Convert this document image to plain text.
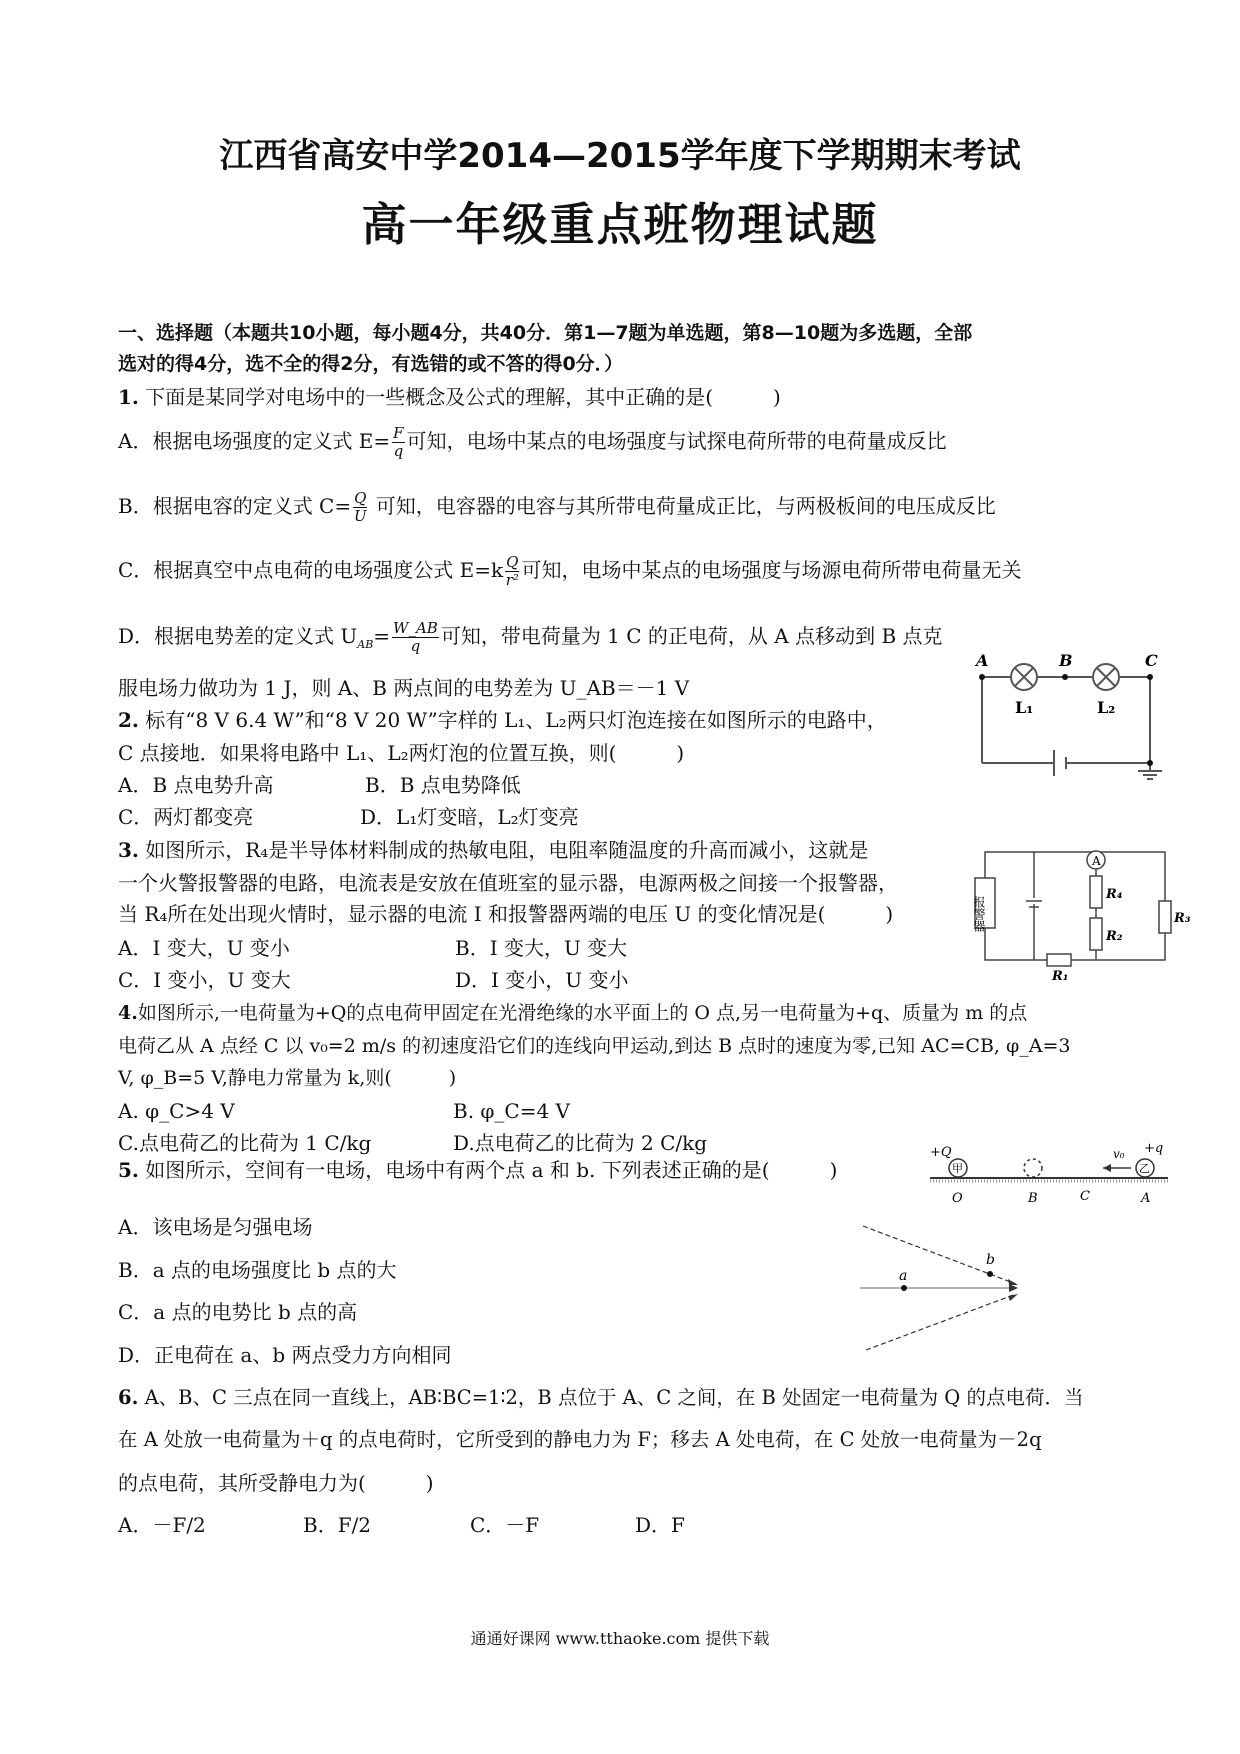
江西省高安中学2014—2015学年度下学期期末考试
高一年级重点班物理试题
一、选择题（本题共10小题，每小题4分，共40分．第1—7题为单选题，第8—10题为多选题，全部
选对的得4分，选不全的得2分，有选错的或不答的得0分．）
1. 下面是某同学对电场中的一些概念及公式的理解，其中正确的是(　　　)
A．根据电场强度的定义式 $E= \frac{F}{q}$ 可知，电场中某点的电场强度与试探电荷所带的电荷量成反比
B．根据电容的定义式 $C= \frac{Q}{U}$ 可知，电容器的电容与其所带电荷量成正比，与两极板间的电压成反比
C．根据真空中点电荷的电场强度公式 $E=k \frac{Q}{\text{r²}}$ 可知，电场中某点的电场强度与场源电荷所带电荷量无关
D．根据电势差的定义式 $U_{AB}= \frac{W\_AB}{q}$ 可知，带电荷量为 1 C 的正电荷，从 A 点移动到 B 点克
服电场力做功为 1 J，则 A、B 两点间的电势差为 U_AB＝－1 V
2. 标有“8 V 6.4 W”和“8 V 20 W”字样的 L₁、L₂两只灯泡连接在如图所示的电路中，
C 点接地．如果将电路中 L₁、L₂两灯泡的位置互换，则(　　　)
A．B 点电势升高	B．B 点电势降低
C．两灯都变亮	D．L₁灯变暗，L₂灯变亮
A	B	C
L₁	L₂
3. 如图所示，R₄是半导体材料制成的热敏电阻，电阻率随温度的升高而减小，这就是
一个火警报警器的电路，电流表是安放在值班室的显示器，电源两极之间接一个报警器，
当 R₄所在处出现火情时，显示器的电流 I 和报警器两端的电压 U 的变化情况是(　　　)
A．I 变大，U 变小	B．I 变大，U 变大
C．I 变小，U 变大	D．I 变小，U 变小
报警器
A
R₄
R₂
R₃
R₁
4.如图所示,一电荷量为+Q的点电荷甲固定在光滑绝缘的水平面上的 O 点,另一电荷量为+q、质量为 m 的点
电荷乙从 A 点经 C 以 v₀=2 m/s 的初速度沿它们的连线向甲运动,到达 B 点时的速度为零,已知 AC=CB, φ_A=3
V, φ_B=5 V,静电力常量为 k,则(　　　)
A. φ_C>4 V	B. φ_C=4 V
C.点电荷乙的比荷为 1 C/kg	D.点电荷乙的比荷为 2 C/kg
甲	乙
+Q	+q
v₀
O	B	C	A
5. 如图所示，空间有一电场，电场中有两个点 a 和 b. 下列表述正确的是(　　　)
A．该电场是匀强电场
B．a 点的电场强度比 b 点的大
C．a 点的电势比 b 点的高
D．正电荷在 a、b 两点受力方向相同
a
b
6. A、B、C 三点在同一直线上，AB∶BC=1∶2，B 点位于 A、C 之间，在 B 处固定一电荷量为 Q 的点电荷．当
在 A 处放一电荷量为＋q 的点电荷时，它所受到的静电力为 F；移去 A 处电荷，在 C 处放一电荷量为－2q
的点电荷，其所受静电力为(　　　)
A．－F/2	B．F/2	C．－F	D．F
通通好课网 www.tthaoke.com 提供下载
